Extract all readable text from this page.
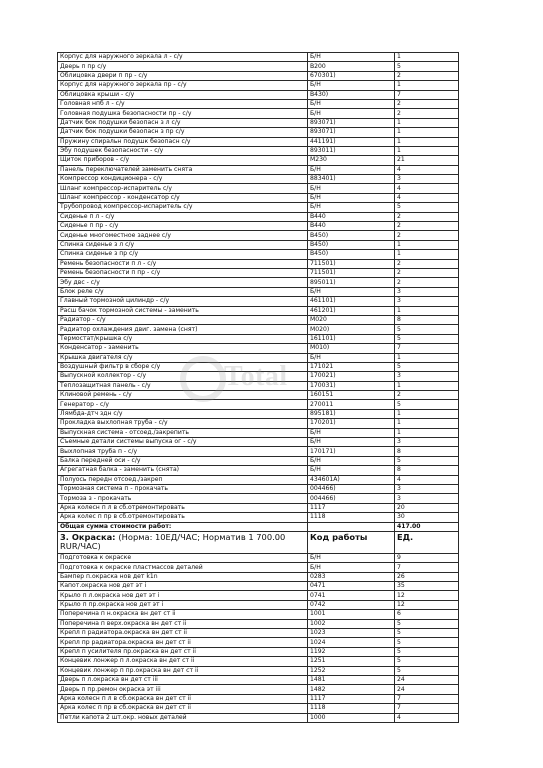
Корпус для наружного зеркала л - с/у	Б/Н	1
Дверь п пр с/у	B200	5
Облицовка двери п пр - с/у	670301)	2
Корпус для наружного зеркала пр - с/у	Б/Н	1
Облицовка крыши - с/у	B430)	7
Головная нпб л - с/у	Б/Н	2
Головная подушка безопасности пр - с/у	Б/Н	2
Датчик бок подушки безопасн з л с/у	893071)	1
Датчик бок подушки безопасн з пр с/у	893071)	1
Пружину спиральн подушк безопасн с/у	441191)	1
Эбу подушек безопасности - с/у	893011)	1
Щиток приборов - с/у	M230	21
Панель переключателей заменить снята	Б/Н	4
Компрессор кондиционера - с/у	883401)	3
Шланг компрессор-испаритель с/у	Б/Н	4
Шланг компрессор - конденсатор с/у	Б/Н	4
Трубопровод компрессор-испаритель с/у	Б/Н	5
Сиденье п л - с/у	B440	2
Сиденье п пр - с/у	B440	2
Сиденье многоместное заднее с/у	B450)	2
Спинка сиденье з л с/у	B450)	1
Спинка сиденье з пр с/у	B450)	1
Ремень безопасности п л - с/у	711501)	2
Ремень безопасности п пр - с/у	711501)	2
Эбу двс - с/у	895011)	2
Блок реле с/у	Б/Н	3
Главный тормозной цилиндр - с/у	461101)	3
Расш бачок тормозной системы - заменить	461201)	1
Радиатор - с/у	M020	8
Радиатор охлаждения двиг. замена (снят)	M020)	5
Термостат/крышка с/у	161101)	5
Конденсатор - заменить	M010)	7
Крышка двигателя с/у	Б/Н	1
Воздушный фильтр в сборе с/у	171021	5
Выпускной коллектор - с/у	170021)	3
Теплозащитная панель - с/у	170031)	1
Клиновой ремень - с/у	160151	2
Генератор - с/у	270011	5
Лямбда-дтч здн с/у	895181)	1
Прокладка выхлопная труба - с/у	170201)	1
Выпускная система - отсоед./закрепить	Б/Н	1
Съемные детали системы выпуска ог - с/у	Б/Н	3
Выхлопная труба п - с/у	170171)	8
Балка передней оси - с/у	Б/Н	5
Агрегатная балка - заменить (снята)	Б/Н	8
Полуось передн отсоед./закреп	434601A)	4
Тормозная система п - прокачать	004466)	3
Тормоза з - прокачать	004466)	3
Арка колесн п л в сб.отремонтировать	1117	20
Арка колес п пр в сб.отремонтировать	1118	30
Общая сумма стоимости работ:		417.00
3. Окраска: (Норма: 10ЕД/ЧАС; Норматив 1 700.00 RUR/ЧАС)	Код работы	ЕД.
Подготовка к окраске	Б/Н	9
Подготовка к окраске пластмассов деталей	Б/Н	7
Бампер п.окраска нов дет k1n	0283	26
Капот.окраска нов дет эт i	0471	35
Крыло п л.окраска нов дет эт i	0741	12
Крыло п пр.окраска нов дет эт i	0742	12
Поперечина п н.окраска вн дет ст ii	1001	6
Поперечина п верх.окраска вн дет ст ii	1002	5
Крепл п радиатора.окраска вн дет ст ii	1023	5
Крепл пр радиатора.окраска вн дет ст ii	1024	5
Крепл п усилителя пр.окраска вн дет ст ii	1192	5
Концевик лонжер п л.окраска вн дет ст ii	1251	5
Концевик лонжер п пр.окраска вн дет ст ii	1252	5
Дверь п л.окраска вн дет ст iii	1481	24
Дверь п пр.ремон окраска эт iii	1482	24
Арка колесн п л в сб.окраска вн дет ст ii	1117	7
Арка колес п пр в сб.окраска вн дет ст ii	1118	7
Петли капота 2 шт.окр. новых деталей	1000	4
Total
